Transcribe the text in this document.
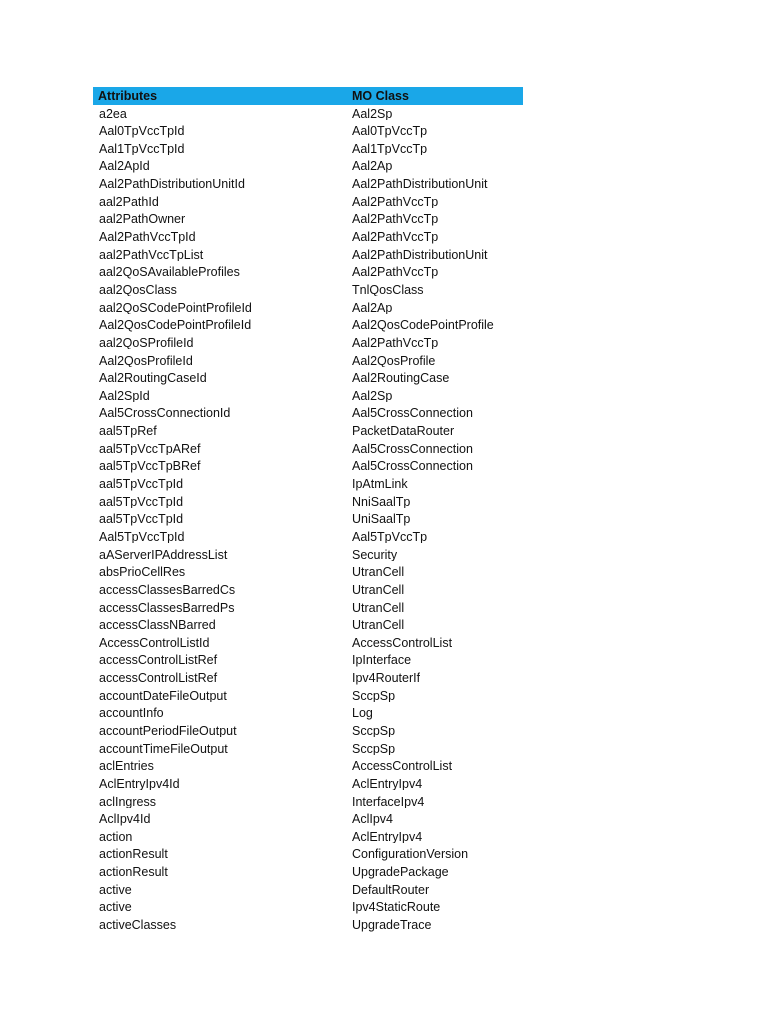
Attributes	MO Class
a2ea	Aal2Sp
Aal0TpVccTpId	Aal0TpVccTp
Aal1TpVccTpId	Aal1TpVccTp
Aal2ApId	Aal2Ap
Aal2PathDistributionUnitId	Aal2PathDistributionUnit
aal2PathId	Aal2PathVccTp
aal2PathOwner	Aal2PathVccTp
Aal2PathVccTpId	Aal2PathVccTp
aal2PathVccTpList	Aal2PathDistributionUnit
aal2QoSAvailableProfiles	Aal2PathVccTp
aal2QosClass	TnlQosClass
aal2QoSCodePointProfileId	Aal2Ap
Aal2QosCodePointProfileId	Aal2QosCodePointProfile
aal2QoSProfileId	Aal2PathVccTp
Aal2QosProfileId	Aal2QosProfile
Aal2RoutingCaseId	Aal2RoutingCase
Aal2SpId	Aal2Sp
Aal5CrossConnectionId	Aal5CrossConnection
aal5TpRef	PacketDataRouter
aal5TpVccTpARef	Aal5CrossConnection
aal5TpVccTpBRef	Aal5CrossConnection
aal5TpVccTpId	IpAtmLink
aal5TpVccTpId	NniSaalTp
aal5TpVccTpId	UniSaalTp
Aal5TpVccTpId	Aal5TpVccTp
aAServerIPAddressList	Security
absPrioCellRes	UtranCell
accessClassesBarredCs	UtranCell
accessClassesBarredPs	UtranCell
accessClassNBarred	UtranCell
AccessControlListId	AccessControlList
accessControlListRef	IpInterface
accessControlListRef	Ipv4RouterIf
accountDateFileOutput	SccpSp
accountInfo	Log
accountPeriodFileOutput	SccpSp
accountTimeFileOutput	SccpSp
aclEntries	AccessControlList
AclEntryIpv4Id	AclEntryIpv4
aclIngress	InterfaceIpv4
AclIpv4Id	AclIpv4
action	AclEntryIpv4
actionResult	ConfigurationVersion
actionResult	UpgradePackage
active	DefaultRouter
active	Ipv4StaticRoute
activeClasses	UpgradeTrace
